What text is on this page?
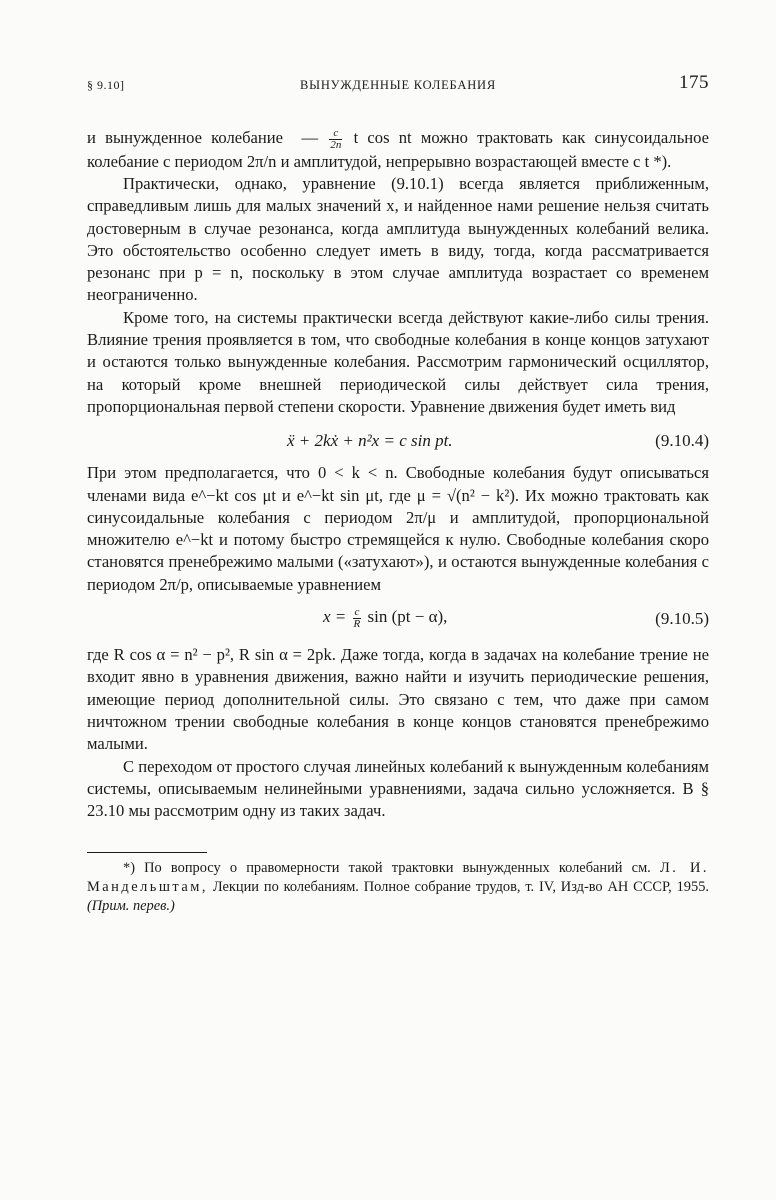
§ 9.10]	ВЫНУЖДЕННЫЕ КОЛЕБАНИЯ	175

и вынужденное колебание  — $\frac{c}{2n}$ t cos nt можно трактовать как синусоидальное колебание с периодом 2π/n и амплитудой, непрерывно возрастающей вместе с t *).

Практически, однако, уравнение (9.10.1) всегда является приближенным, справедливым лишь для малых значений x, и найденное нами решение нельзя считать достоверным в случае резонанса, когда амплитуда вынужденных колебаний велика. Это обстоятельство особенно следует иметь в виду, тогда, когда рассматривается резонанс при p = n, поскольку в этом случае амплитуда возрастает со временем неограниченно.

Кроме того, на системы практически всегда действуют какие-либо силы трения. Влияние трения проявляется в том, что свободные колебания в конце концов затухают и остаются только вынужденные колебания. Рассмотрим гармонический осциллятор, на который кроме внешней периодической силы действует сила трения, пропорциональная первой степени скорости. Уравнение движения будет иметь вид

ẍ + 2kẋ + n²x = c sin pt.	(9.10.4)

При этом предполагается, что 0 < k < n. Свободные колебания будут описываться членами вида e^−kt cos μt и e^−kt sin μt, где μ = √(n² − k²). Их можно трактовать как синусоидальные колебания с периодом 2π/μ и амплитудой, пропорциональной множителю e^−kt и потому быстро стремящейся к нулю. Свободные колебания скоро становятся пренебрежимо малыми («затухают»), и остаются вынужденные колебания с периодом 2π/p, описываемые уравнением

$x = \frac{c}{R}$ sin (pt − α),	(9.10.5)

где R cos α = n² − p², R sin α = 2pk. Даже тогда, когда в задачах на колебание трение не входит явно в уравнения движения, важно найти и изучить периодические решения, имеющие период дополнительной силы. Это связано с тем, что даже при самом ничтожном трении свободные колебания в конце концов становятся пренебрежимо малыми.

С переходом от простого случая линейных колебаний к вынужденным колебаниям системы, описываемым нелинейными уравнениями, задача сильно усложняется. В § 23.10 мы рассмотрим одну из таких задач.

*) По вопросу о правомерности такой трактовки вынужденных колебаний см. Л. И. Мандельштам, Лекции по колебаниям. Полное собрание трудов, т. IV, Изд-во АН СССР, 1955. (Прим. перев.)
